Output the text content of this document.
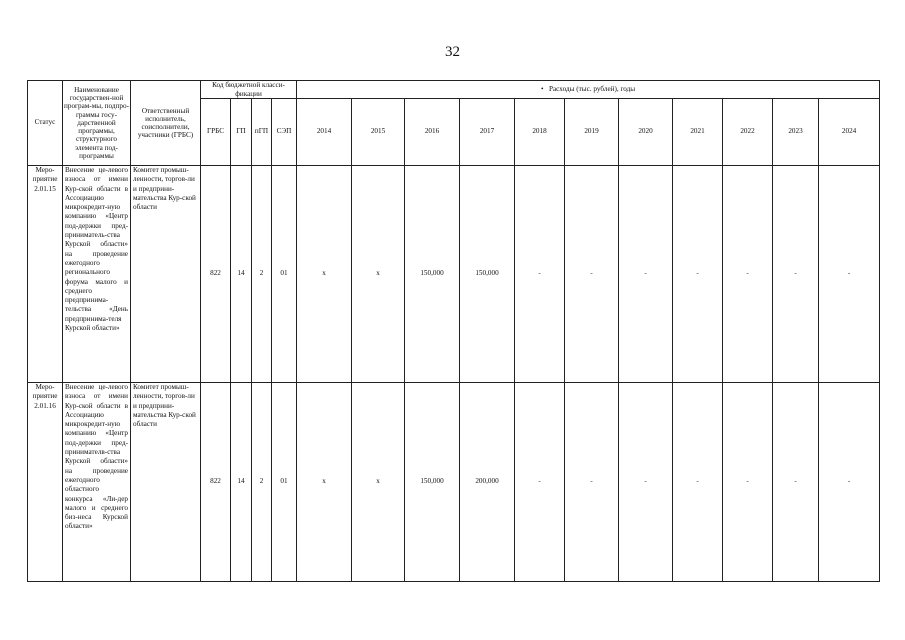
32
Статус	Наименование государствен-ной програм-мы, подпро-граммы госу-дарственной программы, структурного элемента под-программы	Ответственный исполнитель, соисполнители, участники (ГРБС)	Код бюджетной класси-фикации				• Расходы (тыс. рублей), годы										
			ГРБС	ГП	пГП	СЭП	2014	2015	2016	2017	2018	2019	2020	2021	2022	2023	2024
Меро-приятие 2.01.15	Внесение це-левого взноса от имени Кур-ской области в Ассоциацию микрокредит-ную компанию «Центр под-держки пред-приниматель-ства Курской области» на проведение ежегодного регионального форума малого и среднего предпринима-тельства «День предпринима-теля Курской области»	Комитет промыш-ленности, торгов-ли и предприни-мательства Кур-ской области	822	14	2	01	x	x	150,000	150,000	-	-	-	-	-	-	-
Меро-приятие 2.01.16	Внесение це-левого взноса от имени Кур-ской области в Ассоциацию микрокредит-ную компанию «Центр под-держки пред-принимателв-ства Курской области» на проведение ежегодного областного конкурса «Ли-дер малого и среднего биз-неса Курской области»	Комитет промыш-ленности, торгов-ли и предприни-мательства Кур-ской области	822	14	2	01	x	x	150,000	200,000	-	-	-	-	-	-	-
